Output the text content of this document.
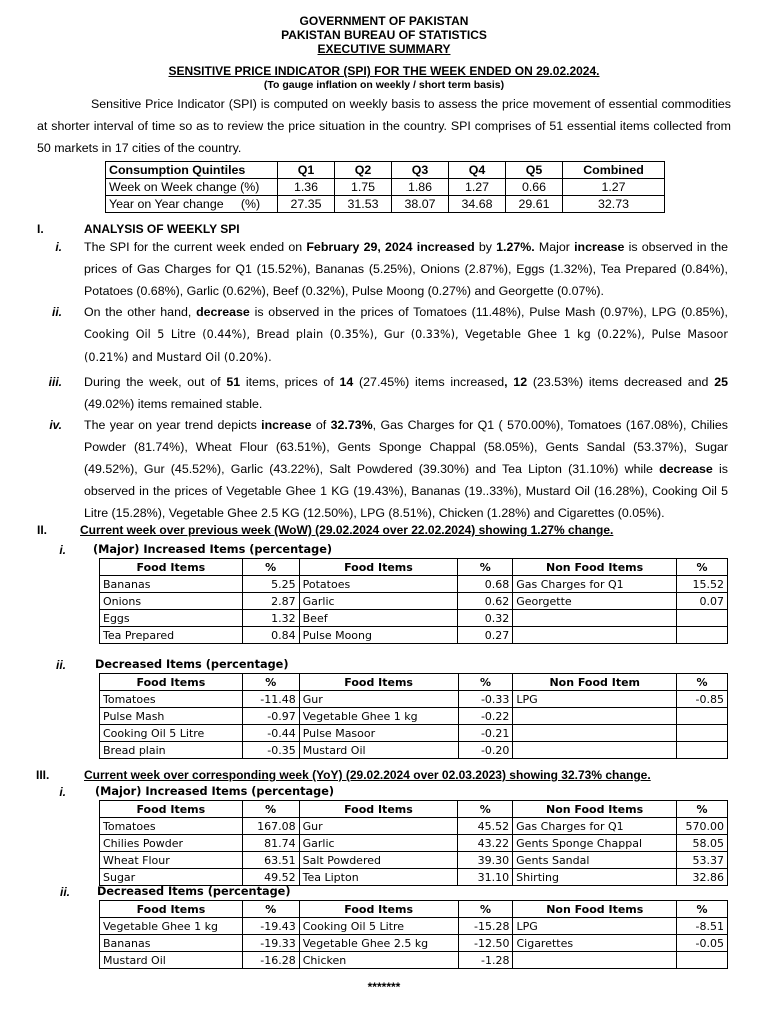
GOVERNMENT OF PAKISTAN
PAKISTAN BUREAU OF STATISTICS
EXECUTIVE SUMMARY
SENSITIVE PRICE INDICATOR (SPI) FOR THE WEEK ENDED ON 29.02.2024.
(To gauge inflation on weekly / short term basis)
Sensitive Price Indicator (SPI) is computed on weekly basis to assess the price movement of essential commodities at shorter interval of time so as to review the price situation in the country. SPI comprises of 51 essential items collected from 50 markets in 17 cities of the country.
Consumption Quintiles	Q1	Q2	Q3	Q4	Q5	Combined
Week on Week change (%)	1.36	1.75	1.86	1.27	0.66	1.27
Year on Year change     (%)	27.35	31.53	38.07	34.68	29.61	32.73
I.	ANALYSIS OF WEEKLY SPI
i. The SPI for the current week ended on February 29, 2024 increased by 1.27%. Major increase is observed in the prices of Gas Charges for Q1 (15.52%), Bananas (5.25%), Onions (2.87%), Eggs (1.32%), Tea Prepared (0.84%), Potatoes (0.68%), Garlic (0.62%), Beef (0.32%), Pulse Moong (0.27%) and Georgette (0.07%).
ii. On the other hand, decrease is observed in the prices of Tomatoes (11.48%), Pulse Mash (0.97%), LPG (0.85%), Cooking Oil 5 Litre (0.44%), Bread plain (0.35%), Gur (0.33%), Vegetable Ghee 1 kg (0.22%), Pulse Masoor (0.21%) and Mustard Oil (0.20%).
iii. During the week, out of 51 items, prices of 14 (27.45%) items increased, 12 (23.53%) items decreased and 25 (49.02%) items remained stable.
iv. The year on year trend depicts increase of 32.73%, Gas Charges for Q1 ( 570.00%), Tomatoes (167.08%), Chilies Powder (81.74%), Wheat Flour (63.51%), Gents Sponge Chappal (58.05%), Gents Sandal (53.37%), Sugar (49.52%), Gur (45.52%), Garlic (43.22%), Salt Powdered (39.30%) and Tea Lipton (31.10%) while decrease is observed in the prices of Vegetable Ghee 1 KG (19.43%), Bananas (19..33%), Mustard Oil (16.28%), Cooking Oil 5 Litre (15.28%), Vegetable Ghee 2.5 KG (12.50%), LPG (8.51%), Chicken (1.28%) and Cigarettes (0.05%).
II.	Current week over previous week (WoW) (29.02.2024 over 22.02.2024) showing 1.27% change.
i. (Major) Increased Items (percentage)
Food Items	%	Food Items	%	Non Food Items	%
Bananas	5.25	Potatoes	0.68	Gas Charges for Q1	15.52
Onions	2.87	Garlic	0.62	Georgette	0.07
Eggs	1.32	Beef	0.32		
Tea Prepared	0.84	Pulse Moong	0.27		
ii.	Decreased Items (percentage)
Food Items	%	Food Items	%	Non Food Item	%
Tomatoes	-11.48	Gur	-0.33	LPG	-0.85
Pulse Mash	-0.97	Vegetable Ghee 1 kg	-0.22		
Cooking Oil 5 Litre	-0.44	Pulse Masoor	-0.21		
Bread plain	-0.35	Mustard Oil	-0.20		
III.	Current week over corresponding week (YoY) (29.02.2024 over 02.03.2023) showing 32.73% change.
i.	(Major) Increased Items (percentage)
Food Items	%	Food Items	%	Non Food Items	%
Tomatoes	167.08	Gur	45.52	Gas Charges for Q1	570.00
Chilies Powder	81.74	Garlic	43.22	Gents Sponge Chappal	58.05
Wheat Flour	63.51	Salt Powdered	39.30	Gents Sandal	53.37
Sugar	49.52	Tea Lipton	31.10	Shirting	32.86
ii. Decreased Items (percentage)
Food Items	%	Food Items	%	Non Food Items	%
Vegetable Ghee 1 kg	-19.43	Cooking Oil 5 Litre	-15.28	LPG	-8.51
Bananas	-19.33	Vegetable Ghee 2.5 kg	-12.50	Cigarettes	-0.05
Mustard Oil	-16.28	Chicken	-1.28		
*******
